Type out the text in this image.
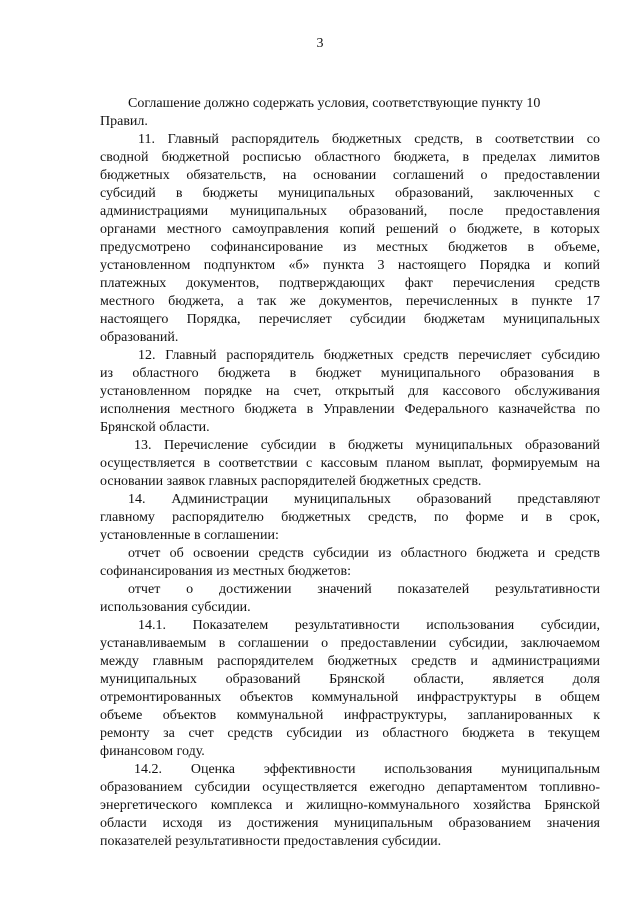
3
Соглашение должно содержать условия, соответствующие пункту 10
Правил.
11. Главный распорядитель бюджетных средств, в соответствии со
сводной бюджетной росписью областного бюджета, в пределах лимитов
бюджетных обязательств, на основании соглашений о предоставлении
субсидий в бюджеты муниципальных образований, заключенных с
администрациями муниципальных образований, после предоставления
органами местного самоуправления копий решений о бюджете, в которых
предусмотрено софинансирование из местных бюджетов в объеме,
установленном подпунктом «б» пункта 3 настоящего Порядка и копий
платежных документов, подтверждающих факт перечисления средств
местного бюджета, а так же документов, перечисленных в пункте 17
настоящего Порядка, перечисляет субсидии бюджетам муниципальных
образований.
12. Главный распорядитель бюджетных средств перечисляет субсидию
из областного бюджета в бюджет муниципального образования в
установленном порядке на счет, открытый для кассового обслуживания
исполнения местного бюджета в Управлении Федерального казначейства по
Брянской области.
13. Перечисление субсидии в бюджеты муниципальных образований
осуществляется в соответствии с кассовым планом выплат, формируемым на
основании заявок главных распорядителей бюджетных средств.
14. Администрации муниципальных образований представляют
главному распорядителю бюджетных средств, по форме и в срок,
установленные в соглашении:
отчет об освоении средств субсидии из областного бюджета и средств
софинансирования из местных бюджетов:
отчет о достижении значений показателей результативности
использования субсидии.
14.1. Показателем результативности использования субсидии,
устанавливаемым в соглашении о предоставлении субсидии, заключаемом
между главным распорядителем бюджетных средств и администрациями
муниципальных образований Брянской области, является доля
отремонтированных объектов коммунальной инфраструктуры в общем
объеме объектов коммунальной инфраструктуры, запланированных к
ремонту за счет средств субсидии из областного бюджета в текущем
финансовом году.
14.2. Оценка эффективности использования муниципальным
образованием субсидии осуществляется ежегодно департаментом топливно-
энергетического комплекса и жилищно-коммунального хозяйства Брянской
области исходя из достижения муниципальным образованием значения
показателей результативности предоставления субсидии.
